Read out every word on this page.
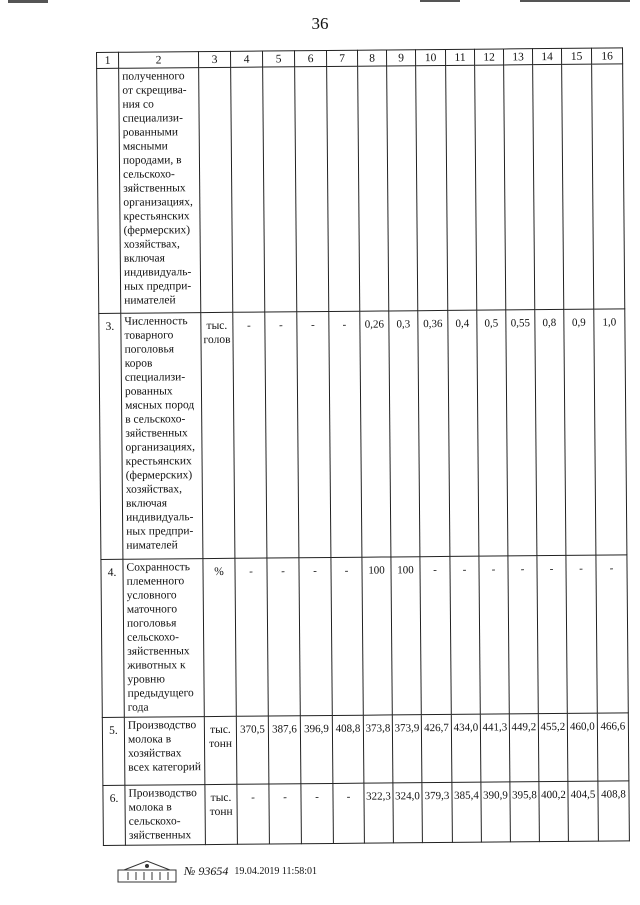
36
1	2	3	4	5	6	7	8	9	10	11	12	13	14	15	16
	полученного от скрещива-ния со специализи-рованными мясными породами, в сельскохо-зяйственных организациях, крестьянских (фермерских) хозяйствах, включая индивидуаль-ных предпри-нимателей														
3.	Численность товарного поголовья коров специализи-рованных мясных пород в сельскохо-зяйственных организациях, крестьянских (фермерских) хозяйствах, включая индивидуаль-ных предпри-нимателей	тыс. голов	-	-	-	-	0,26	0,3	0,36	0,4	0,5	0,55	0,8	0,9	1,0
4.	Сохранность племенного условного маточного поголовья сельскохо-зяйственных животных к уровню предыдущего года	%	-	-	-	-	100	100	-	-	-	-	-	-	-
5.	Производство молока в хозяйствах всех категорий	тыс. тонн	370,5	387,6	396,9	408,8	373,8	373,9	426,7	434,0	441,3	449,2	455,2	460,0	466,6
6.	Производство молока в сельскохо-зяйственных	тыс. тонн	-	-	-	-	322,3	324,0	379,3	385,4	390,9	395,8	400,2	404,5	408,8
№ 93654 19.04.2019 11:58:01
